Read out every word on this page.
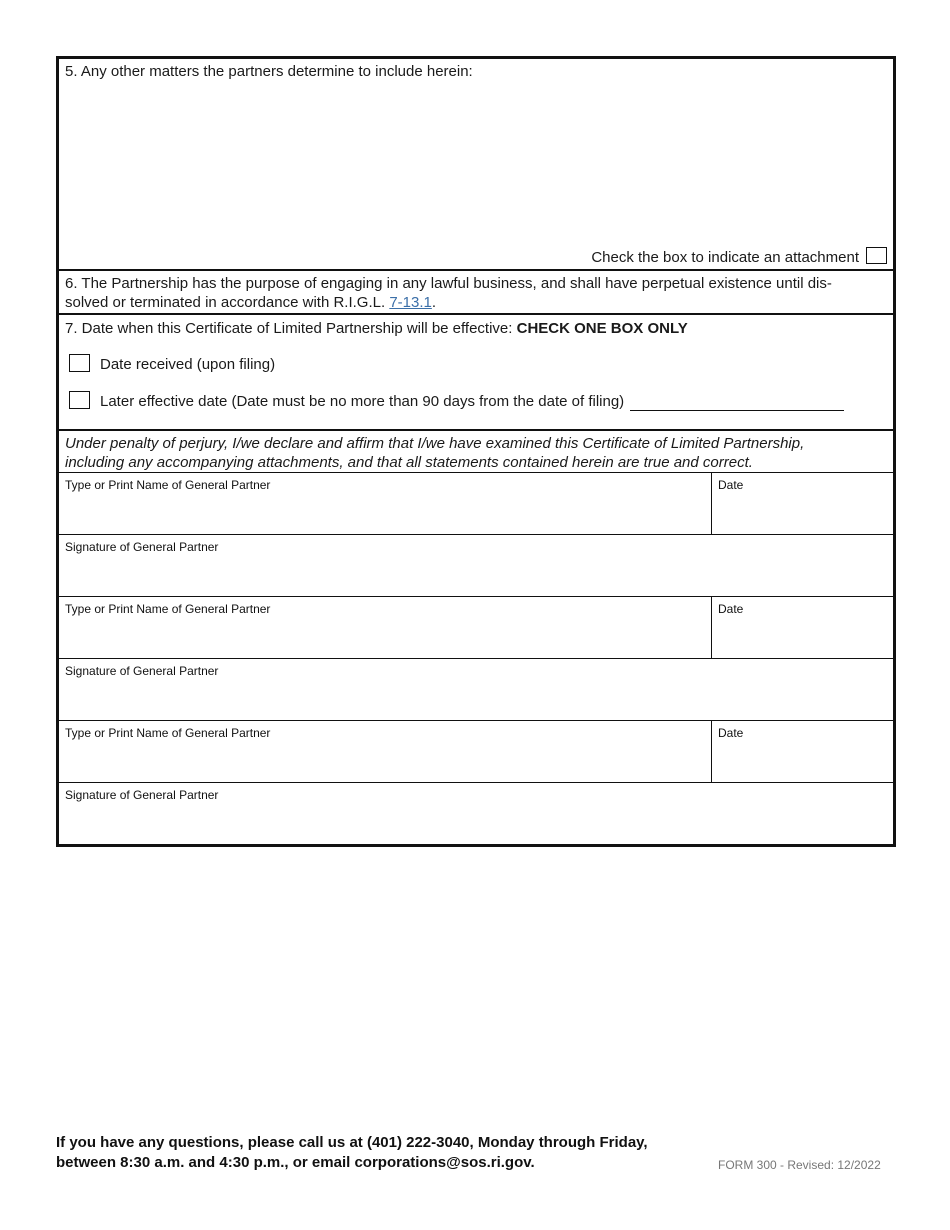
5. Any other matters the partners determine to include herein:
Check the box to indicate an attachment
6. The Partnership has the purpose of engaging in any lawful business, and shall have perpetual existence until dis-
solved or terminated in accordance with R.I.G.L. 7-13.1.
7. Date when this Certificate of Limited Partnership will be effective: CHECK ONE BOX ONLY
Date received (upon filing)
Later effective date (Date must be no more than 90 days from the date of filing)
Under penalty of perjury, I/we declare and affirm that I/we have examined this Certificate of Limited Partnership,
including any accompanying attachments, and that all statements contained herein are true and correct.
Type or Print Name of General Partner	Date
Signature of General Partner
Type or Print Name of General Partner	Date
Signature of General Partner
Type or Print Name of General Partner	Date
Signature of General Partner
If you have any questions, please call us at (401) 222-3040, Monday through Friday,
between 8:30 a.m. and 4:30 p.m., or email corporations@sos.ri.gov.	FORM 300 - Revised: 12/2022
